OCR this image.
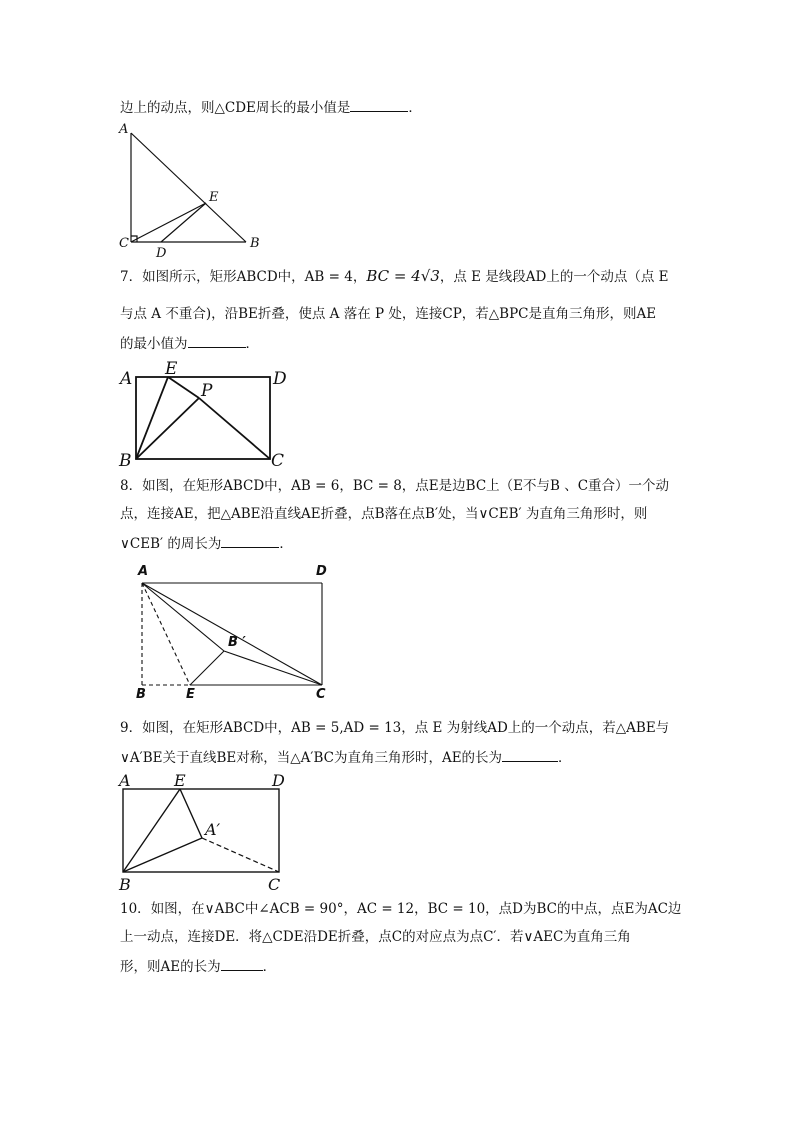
边上的动点，则△CDE周长的最小值是	．
A
C
D
B
E
7．如图所示，矩形ABCD中，AB = 4，BC = 4√3，点 E 是线段AD上的一个动点（点 E
与点 A 不重合)，沿BE折叠，使点 A 落在 P 处，连接CP，若△BPC是直角三角形，则AE
的最小值为	．
A E
P
D
B	C
8．如图，在矩形ABCD中，AB = 6，BC = 8，点E是边BC上（E不与B 、C重合）一个动
点，连接AE，把△ABE沿直线AE折叠，点B落在点B′处，当∨CEB′ 为直角三角形时，则
∨CEB′ 的周长为	．
A	D
B	E	C
B ′
9．如图，在矩形ABCD中，AB = 5,AD = 13，点 E 为射线AD上的一个动点，若△ABE与
∨A′BE关于直线BE对称，当△A′BC为直角三角形时，AE的长为	．
A	E	D
A′
B	C
10．如图，在∨ABC中∠ACB = 90°，AC = 12，BC = 10，点D为BC的中点，点E为AC边
上一动点，连接DE．将△CDE沿DE折叠，点C的对应点为点C′．若∨AEC为直角三角
形，则AE的长为	．
